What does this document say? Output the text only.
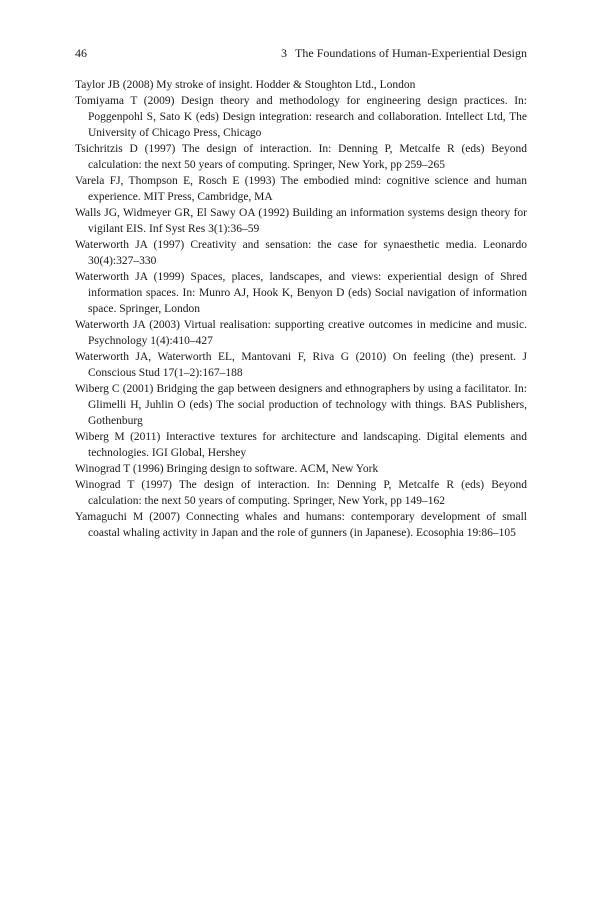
46	3 The Foundations of Human-Experiential Design
Taylor JB (2008) My stroke of insight. Hodder & Stoughton Ltd., London
Tomiyama T (2009) Design theory and methodology for engineering design practices. In: Poggenpohl S, Sato K (eds) Design integration: research and collaboration. Intellect Ltd, The University of Chicago Press, Chicago
Tsichritzis D (1997) The design of interaction. In: Denning P, Metcalfe R (eds) Beyond calculation: the next 50 years of computing. Springer, New York, pp 259–265
Varela FJ, Thompson E, Rosch E (1993) The embodied mind: cognitive science and human experience. MIT Press, Cambridge, MA
Walls JG, Widmeyer GR, El Sawy OA (1992) Building an information systems design theory for vigilant EIS. Inf Syst Res 3(1):36–59
Waterworth JA (1997) Creativity and sensation: the case for synaesthetic media. Leonardo 30(4):327–330
Waterworth JA (1999) Spaces, places, landscapes, and views: experiential design of Shred information spaces. In: Munro AJ, Hook K, Benyon D (eds) Social navigation of information space. Springer, London
Waterworth JA (2003) Virtual realisation: supporting creative outcomes in medicine and music. Psychnology 1(4):410–427
Waterworth JA, Waterworth EL, Mantovani F, Riva G (2010) On feeling (the) present. J Conscious Stud 17(1–2):167–188
Wiberg C (2001) Bridging the gap between designers and ethnographers by using a facilitator. In: Glimelli H, Juhlin O (eds) The social production of technology with things. BAS Publishers, Gothenburg
Wiberg M (2011) Interactive textures for architecture and landscaping. Digital elements and technologies. IGI Global, Hershey
Winograd T (1996) Bringing design to software. ACM, New York
Winograd T (1997) The design of interaction. In: Denning P, Metcalfe R (eds) Beyond calculation: the next 50 years of computing. Springer, New York, pp 149–162
Yamaguchi M (2007) Connecting whales and humans: contemporary development of small coastal whaling activity in Japan and the role of gunners (in Japanese). Ecosophia 19:86–105
